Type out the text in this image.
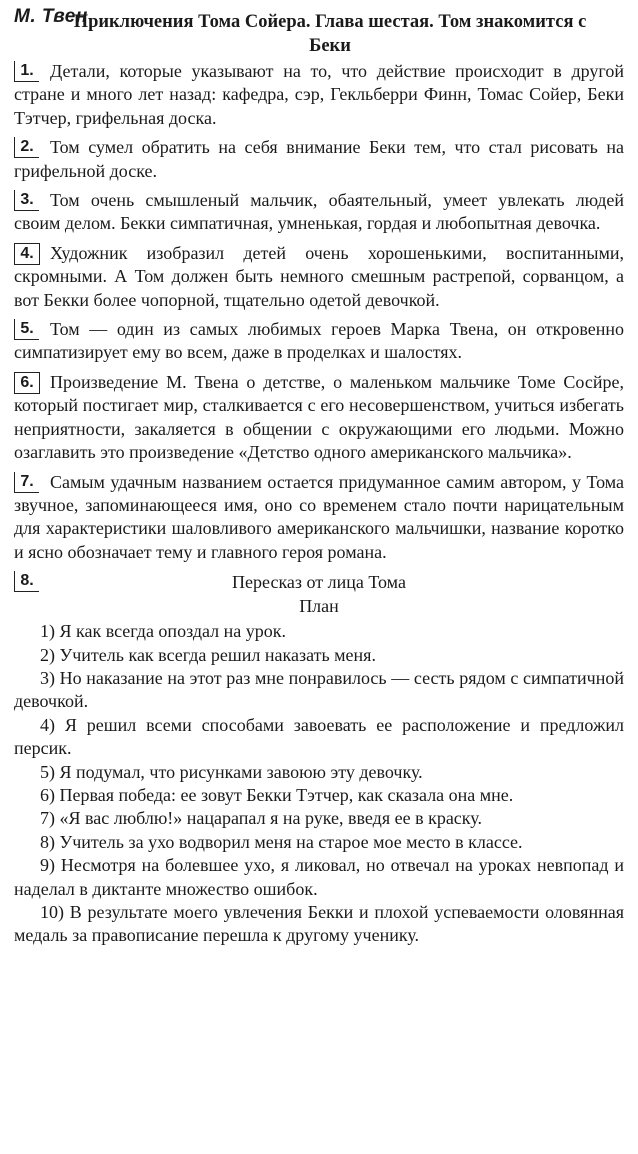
М. Твен
Приключения Тома Сойера. Глава шестая. Том знакомится с Беки

1. Детали, которые указывают на то, что действие происходит в другой стране и много лет назад: кафедра, сэр, Гекльберри Финн, Томас Сойер, Беки Тэтчер, грифельная доска.

2. Том сумел обратить на себя внимание Беки тем, что стал рисовать на грифельной доске.

3. Том очень смышленый мальчик, обаятельный, умеет увлекать людей своим делом. Бекки симпатичная, умненькая, гордая и любопытная девочка.

4. Художник изобразил детей очень хорошенькими, воспитанными, скромными. А Том должен быть немного смешным растрепой, сорванцом, а вот Бекки более чопорной, тщательно одетой девочкой.

5. Том — один из самых любимых героев Марка Твена, он откровенно симпатизирует ему во всем, даже в проделках и шалостях.

6. Произведение М. Твена о детстве, о маленьком мальчике Томе Сосйре, который постигает мир, сталкивается с его несовершенством, учиться избегать неприятности, закаляется в общении с окружающими его людьми. Можно озаглавить это произведение «Детство одного американского мальчика».

7. Самым удачным названием остается придуманное самим автором, у Тома звучное, запоминающееся имя, оно со временем стало почти нарицательным для характеристики шаловливого американского мальчишки, название коротко и ясно обозначает тему и главного героя романа.

8.	Пересказ от лица Тома
План

1) Я как всегда опоздал на урок.

2) Учитель как всегда решил наказать меня.

3) Но наказание на этот раз мне понравилось — сесть рядом с симпатичной девочкой.

4) Я решил всеми способами завоевать ее расположение и предложил персик.

5) Я подумал, что рисунками завоюю эту девочку.

6) Первая победа: ее зовут Бекки Тэтчер, как сказала она мне.

7) «Я вас люблю!» нацарапал я на руке, введя ее в краску.

8) Учитель за ухо водворил меня на старое мое место в классе.

9) Несмотря на болевшее ухо, я ликовал, но отвечал на уроках невпопад и наделал в диктанте множество ошибок.

10) В результате моего увлечения Бекки и плохой успеваемости оловянная медаль за правописание перешла к другому ученику.
